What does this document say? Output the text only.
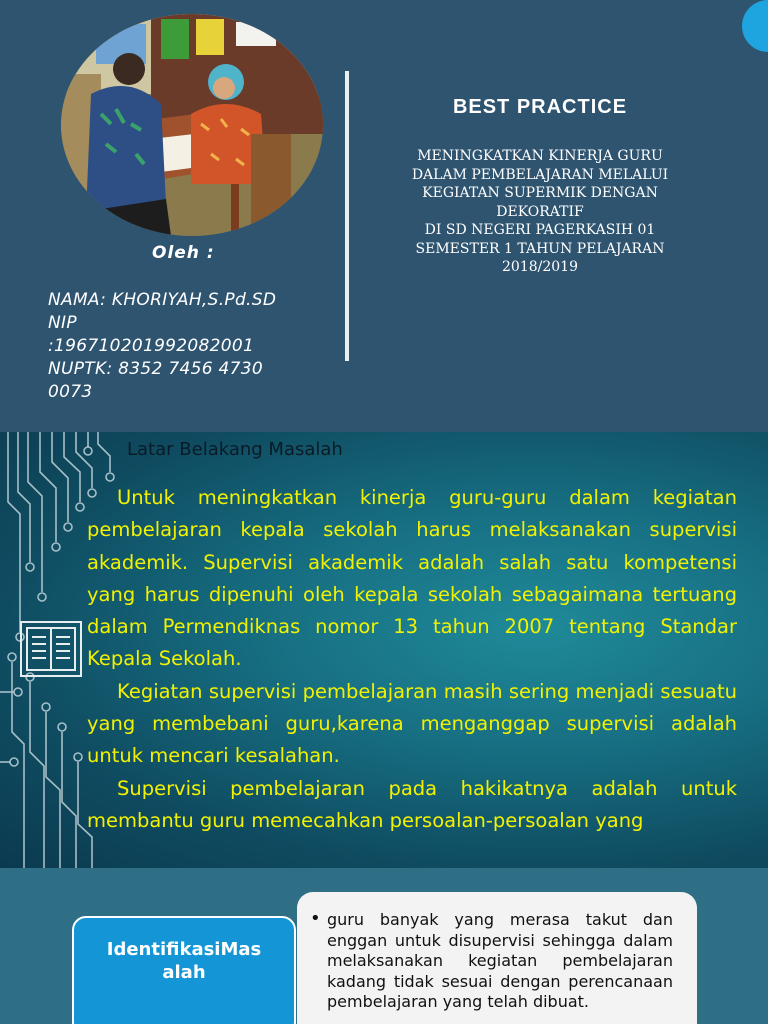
Oleh :
NAMA: KHORIYAH,S.Pd.SD
NIP
:196710201992082001
NUPTK: 8352 7456 4730
0073
BEST PRACTICE
MENINGKATKAN KINERJA GURU
DALAM PEMBELAJARAN MELALUI
KEGIATAN SUPERMIK DENGAN
DEKORATIF
DI SD NEGERI PAGERKASIH 01
SEMESTER 1 TAHUN PELAJARAN
2018/2019
Latar Belakang Masalah

Untuk meningkatkan kinerja guru-guru dalam kegiatan pembelajaran kepala sekolah harus melaksanakan supervisi akademik. Supervisi akademik adalah salah satu kompetensi yang harus dipenuhi oleh kepala sekolah sebagaimana tertuang dalam Permendiknas nomor 13 tahun 2007 tentang Standar Kepala Sekolah.

Kegiatan supervisi pembelajaran masih sering menjadi sesuatu yang membebani guru,karena menganggap supervisi adalah untuk mencari kesalahan.

Supervisi pembelajaran pada hakikatnya adalah untuk membantu guru memecahkan persoalan-persoalan yang

IdentifikasiMas
alah
• guru banyak yang merasa takut dan enggan untuk disupervisi sehingga dalam melaksanakan kegiatan pembelajaran kadang tidak sesuai dengan perencanaan pembelajaran yang telah dibuat.
